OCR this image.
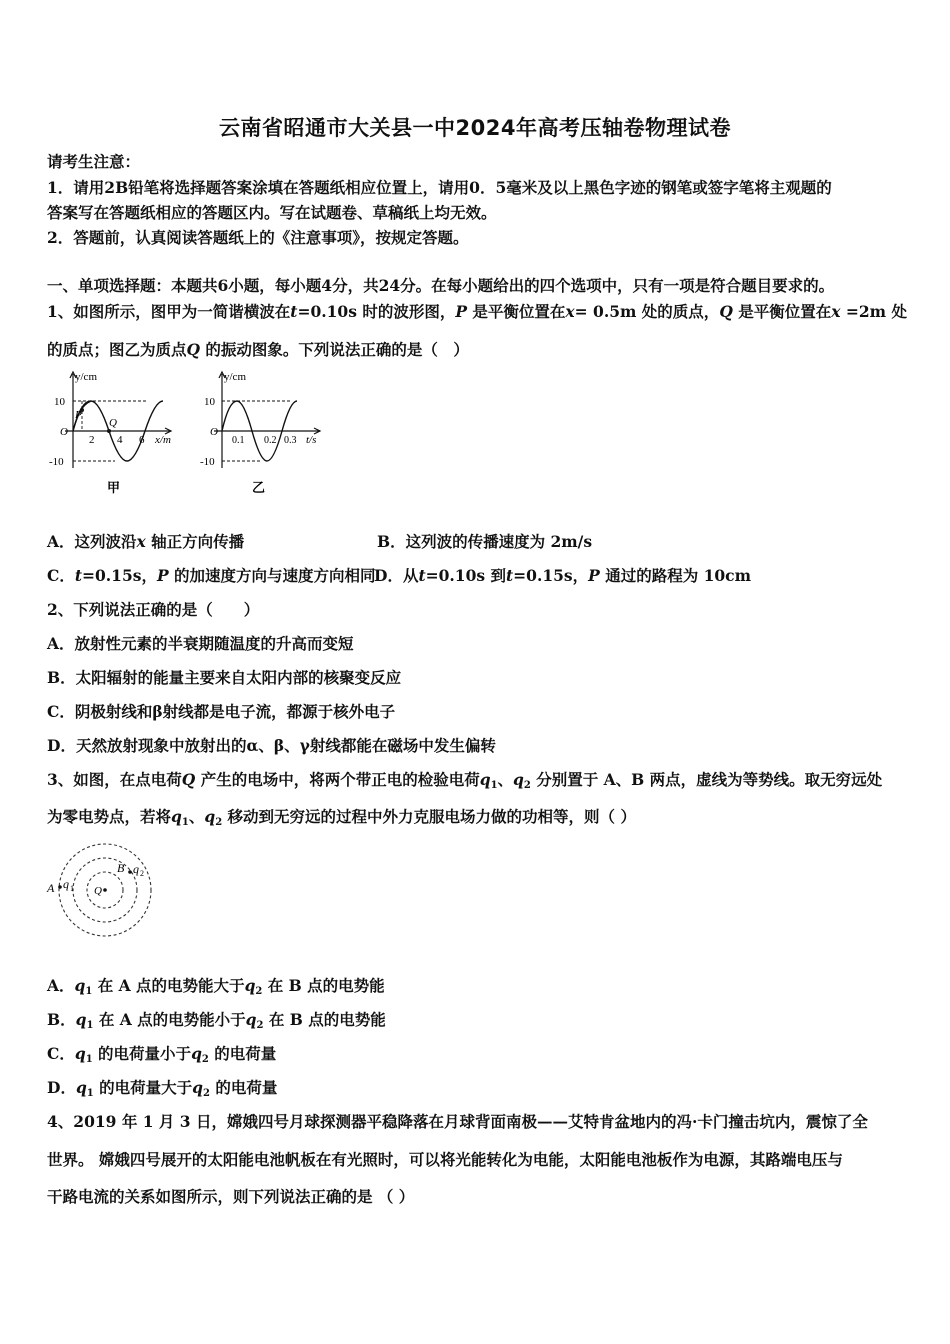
云南省昭通市大关县一中2024年高考压轴卷物理试卷
请考生注意：
1．请用2B铅笔将选择题答案涂填在答题纸相应位置上，请用0．5毫米及以上黑色字迹的钢笔或签字笔将主观题的
答案写在答题纸相应的答题区内。写在试题卷、草稿纸上均无效。
2．答题前，认真阅读答题纸上的《注意事项》，按规定答题。
一、单项选择题：本题共6小题，每小题4分，共24分。在每小题给出的四个选项中，只有一项是符合题目要求的。
1、如图所示，图甲为一简谐横波在t=0.10s 时的波形图，P 是平衡位置在x= 0.5m 处的质点，Q 是平衡位置在x =2m 处
的质点；图乙为质点Q 的振动图象。下列说法正确的是（　）
y/cm
x/m
10
O
-10
2 4 6
P
Q
甲
y/cm
t/s
10
O
-10
0.1 0.2 0.3
乙
A．这列波沿x 轴正方向传播	B．这列波的传播速度为 2m/s
C．t=0.15s，P 的加速度方向与速度方向相同
D．从t=0.10s 到t=0.15s，P 通过的路程为 10cm
2、下列说法正确的是（　　）
A．放射性元素的半衰期随温度的升高而变短
B．太阳辐射的能量主要来自太阳内部的核聚变反应
C．阴极射线和β射线都是电子流，都源于核外电子
D．天然放射现象中放射出的α、β、γ射线都能在磁场中发生偏转
3、如图，在点电荷Q 产生的电场中，将两个带正电的检验电荷$q_1$、$q_2$ 分别置于 A、B 两点，虚线为等势线。取无穷远处
为零电势点，若将$q_1$、$q_2$ 移动到无穷远的过程中外力克服电场力做的功相等，则（ ）
A q 1
B q 2
Q
A．$q_1$ 在 A 点的电势能大于$q_2$ 在 B 点的电势能
B．$q_1$ 在 A 点的电势能小于$q_2$ 在 B 点的电势能
C．$q_1$ 的电荷量小于$q_2$ 的电荷量
D．$q_1$ 的电荷量大于$q_2$ 的电荷量
4、2019 年 1 月 3 日，嫦娥四号月球探测器平稳降落在月球背面南极——艾特肯盆地内的冯·卡门撞击坑内，震惊了全
世界。 嫦娥四号展开的太阳能电池帆板在有光照时，可以将光能转化为电能，太阳能电池板作为电源，其路端电压与
干路电流的关系如图所示，则下列说法正确的是 （ ）
